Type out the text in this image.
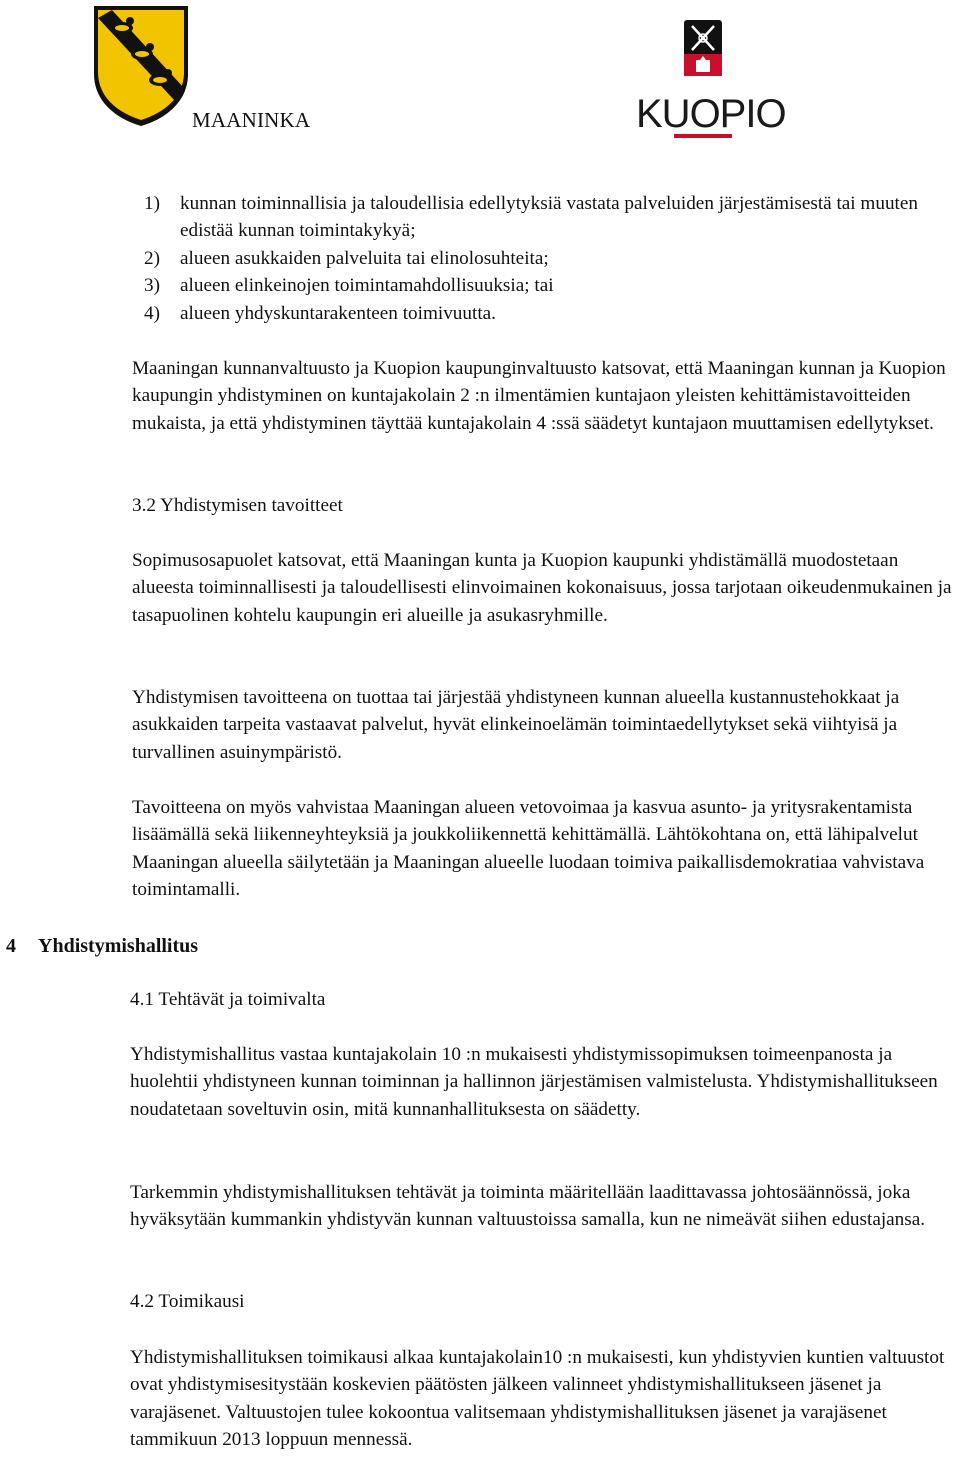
MAANINKA	KUOPIO
1) kunnan toiminnallisia ja taloudellisia edellytyksiä vastata palveluiden järjestämisestä tai muuten edistää kunnan toimintakykyä;
2) alueen asukkaiden palveluita tai elinolosuhteita;
3) alueen elinkeinojen toimintamahdollisuuksia; tai
4) alueen yhdyskuntarakenteen toimivuutta.

Maaningan kunnanvaltuusto ja Kuopion kaupunginvaltuusto katsovat, että Maaningan kunnan ja Kuopion kaupungin yhdistyminen on kuntajakolain 2 :n ilmentämien kuntajaon yleisten kehittämistavoitteiden mukaista, ja että yhdistyminen täyttää kuntajakolain 4 :ssä säädetyt kuntajaon muuttamisen edellytykset.

3.2 Yhdistymisen tavoitteet

Sopimusosapuolet katsovat, että Maaningan kunta ja Kuopion kaupunki yhdistämällä muodostetaan alueesta toiminnallisesti ja taloudellisesti elinvoimainen kokonaisuus, jossa tarjotaan oikeudenmukainen ja tasapuolinen kohtelu kaupungin eri alueille ja asukasryhmille.

Yhdistymisen tavoitteena on tuottaa tai järjestää yhdistyneen kunnan alueella kustannustehokkaat ja asukkaiden tarpeita vastaavat palvelut, hyvät elinkeinoelämän toimintaedellytykset sekä viihtyisä ja turvallinen asuinympäristö.

Tavoitteena on myös vahvistaa Maaningan alueen vetovoimaa ja kasvua asunto- ja yritysrakentamista lisäämällä sekä liikenneyhteyksiä ja joukkoliikennettä kehittämällä. Lähtökohtana on, että lähipalvelut Maaningan alueella säilytetään ja Maaningan alueelle luodaan toimiva paikallisdemokratiaa vahvistava toimintamalli.

4 Yhdistymishallitus
4.1 Tehtävät ja toimivalta

Yhdistymishallitus vastaa kuntajakolain 10 :n mukaisesti yhdistymissopimuksen toimeenpanosta ja huolehtii yhdistyneen kunnan toiminnan ja hallinnon järjestämisen valmistelusta. Yhdistymishallitukseen noudatetaan soveltuvin osin, mitä kunnanhallituksesta on säädetty.

Tarkemmin yhdistymishallituksen tehtävät ja toiminta määritellään laadittavassa johtosäännössä, joka hyväksytään kummankin yhdistyvän kunnan valtuustoissa samalla, kun ne nimeävät siihen edustajansa.

4.2 Toimikausi

Yhdistymishallituksen toimikausi alkaa kuntajakolain10 :n mukaisesti, kun yhdistyvien kuntien valtuustot ovat yhdistymisesitystään koskevien päätösten jälkeen valinneet yhdistymishallitukseen jäsenet ja varajäsenet. Valtuustojen tulee kokoontua valitsemaan yhdistymishallituksen jäsenet ja varajäsenet tammikuun 2013 loppuun mennessä.
